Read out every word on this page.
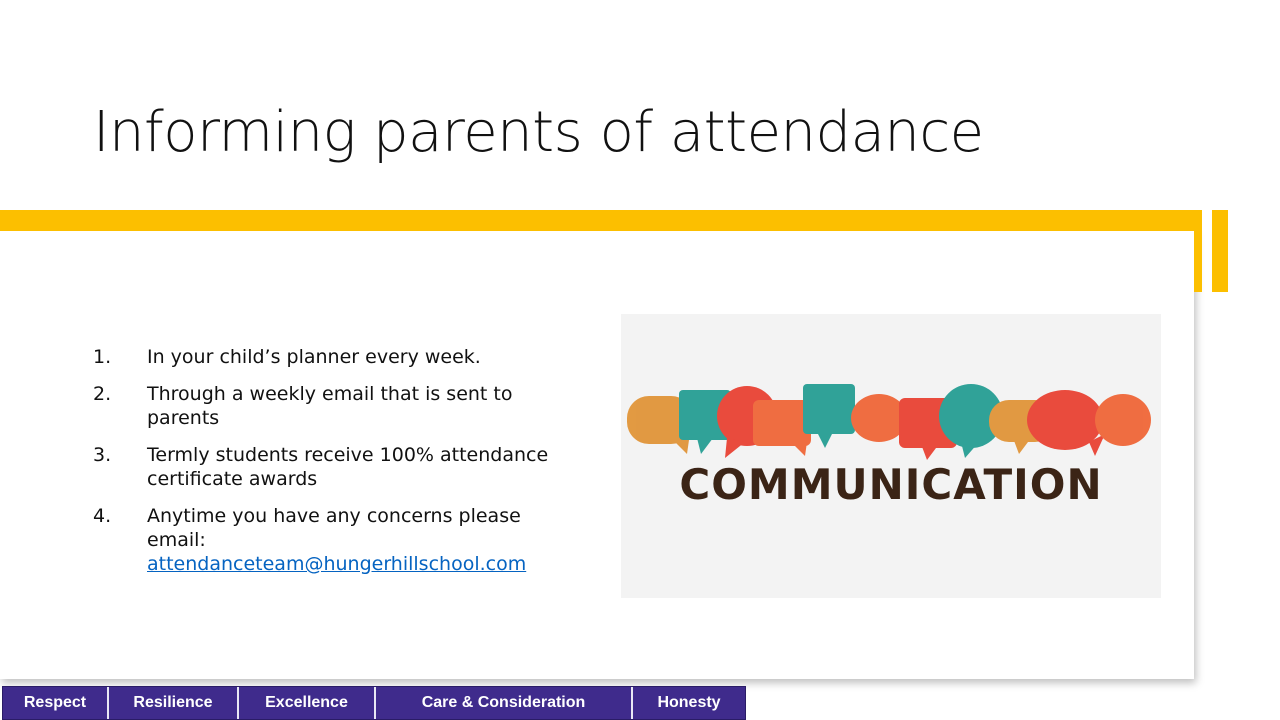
Informing parents of attendance
1. In your child’s planner every week.
2. Through a weekly email that is sent to parents
3. Termly students receive 100% attendance certificate awards
4. Anytime you have any concerns please email:
attendanceteam@hungerhillschool.com
COMMUNICATION
Respect	Resilience	Excellence	Care & Consideration	Honesty
